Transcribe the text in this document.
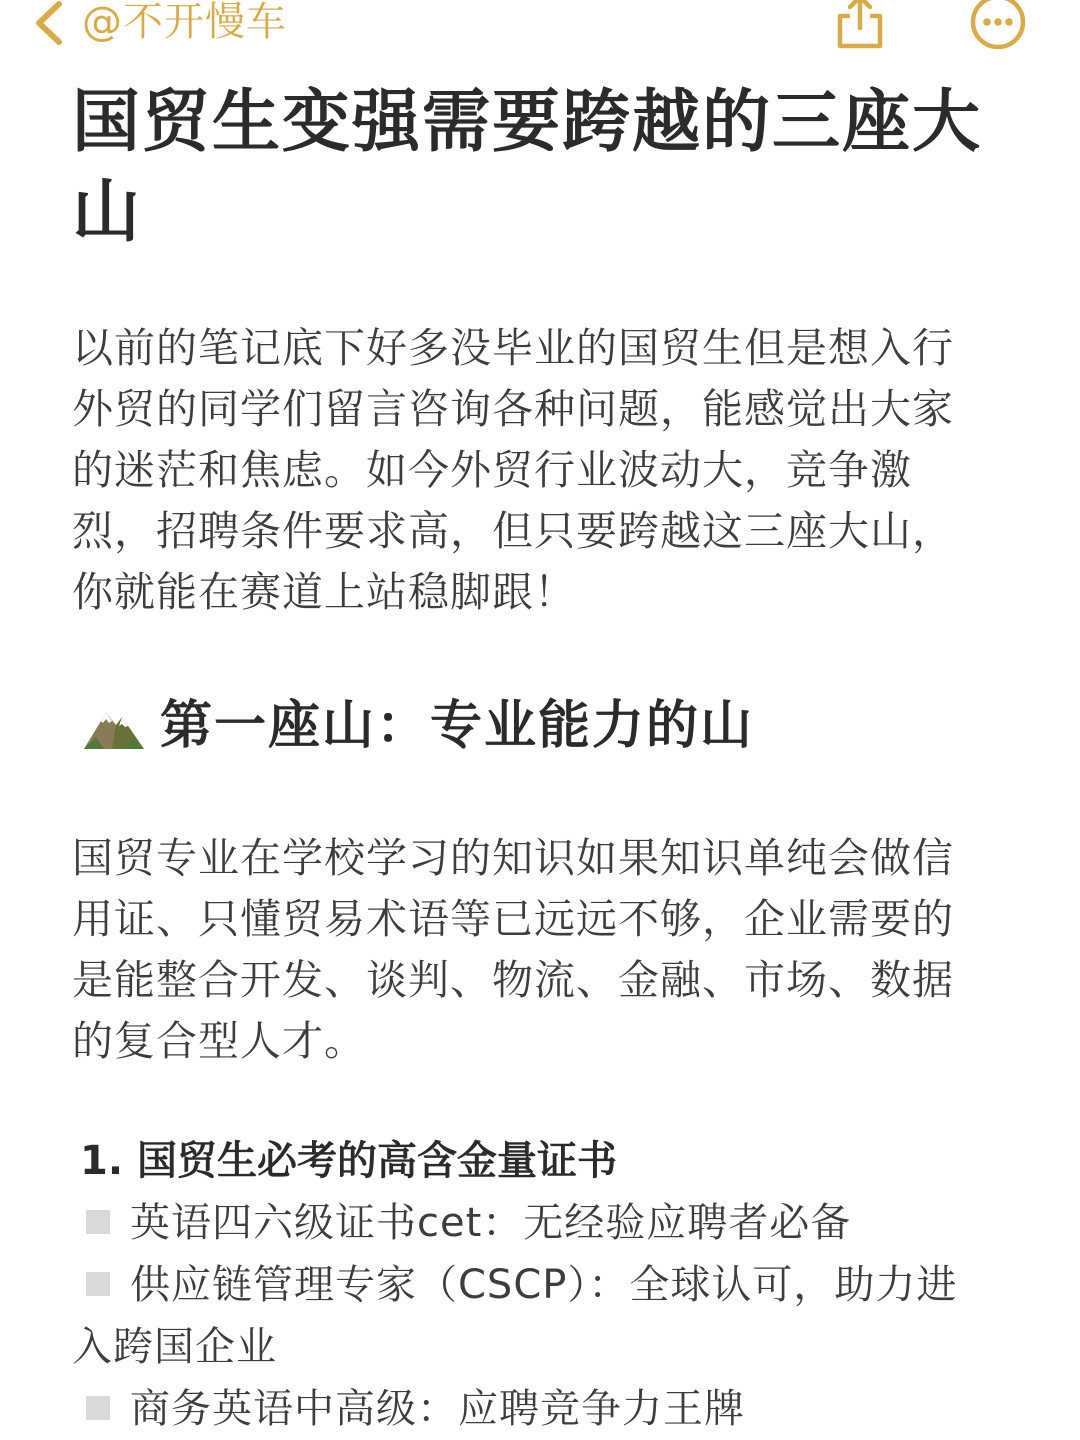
@不开慢车
国贸生变强需要跨越的三座大山

以前的笔记底下好多没毕业的国贸生但是想入行外贸的同学们留言咨询各种问题，能感觉出大家的迷茫和焦虑。如今外贸行业波动大，竞争激烈，招聘条件要求高，但只要跨越这三座大山，你就能在赛道上站稳脚跟！

第一座山：专业能力的山

国贸专业在学校学习的知识如果知识单纯会做信用证、只懂贸易术语等已远远不够，企业需要的是能整合开发、谈判、物流、金融、市场、数据的复合型人才。

1. 国贸生必考的高含金量证书
英语四六级证书cet：无经验应聘者必备
供应链管理专家（CSCP）：全球认可，助力进入跨国企业
商务英语中高级：应聘竞争力王牌
